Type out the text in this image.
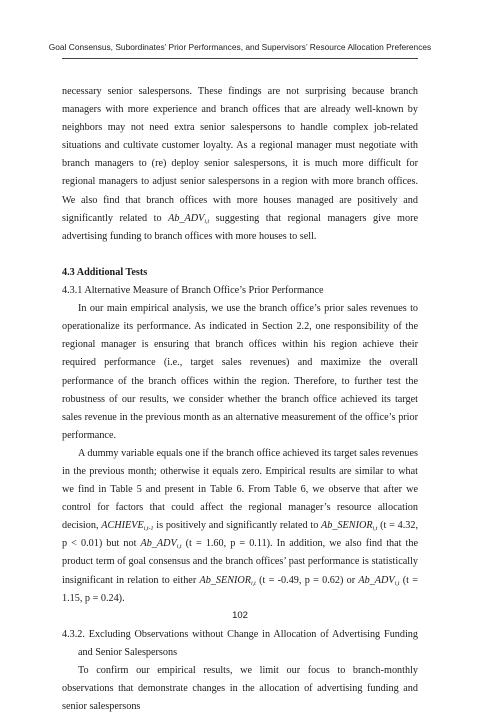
Goal Consensus, Subordinates’ Prior Performances, and Supervisors’ Resource Allocation Preferences

necessary senior salespersons. These findings are not surprising because branch managers with more experience and branch offices that are already well-known by neighbors may not need extra senior salespersons to handle complex job-related situations and cultivate customer loyalty. As a regional manager must negotiate with branch managers to (re) deploy senior salespersons, it is much more difficult for regional managers to adjust senior salespersons in a region with more branch offices. We also find that branch offices with more houses managed are positively and significantly related to $Ab\_ADV_{i,t}$ suggesting that regional managers give more advertising funding to branch offices with more houses to sell.

4.3 Additional Tests

4.3.1 Alternative Measure of Branch Office’s Prior Performance

In our main empirical analysis, we use the branch office’s prior sales revenues to operationalize its performance. As indicated in Section 2.2, one responsibility of the regional manager is ensuring that branch offices within his region achieve their required performance (i.e., target sales revenues) and maximize the overall performance of the branch offices within the region. Therefore, to further test the robustness of our results, we consider whether the branch office achieved its target sales revenue in the previous month as an alternative measurement of the office’s prior performance.

A dummy variable equals one if the branch office achieved its target sales revenues in the previous month; otherwise it equals zero. Empirical results are similar to what we find in Table 5 and present in Table 6. From Table 6, we observe that after we control for factors that could affect the regional manager’s resource allocation decision, $ACHIEVE_{i,t-1}$ is positively and significantly related to $Ab\_SENIOR_{i,t}$ (t = 4.32, p < 0.01) but not $Ab\_ADV_{i,t}$ (t = 1.60, p = 0.11). In addition, we also find that the product term of goal consensus and the branch offices’ past performance is statistically insignificant in relation to either $Ab\_SENIOR_{i,t}$ (t = -0.49, p = 0.62) or $Ab\_ADV_{i,t}$ (t = 1.15, p = 0.24).

4.3.2. Excluding Observations without Change in Allocation of Advertising Funding and Senior Salespersons

To confirm our empirical results, we limit our focus to branch-monthly observations that demonstrate changes in the allocation of advertising funding and senior salespersons

102
